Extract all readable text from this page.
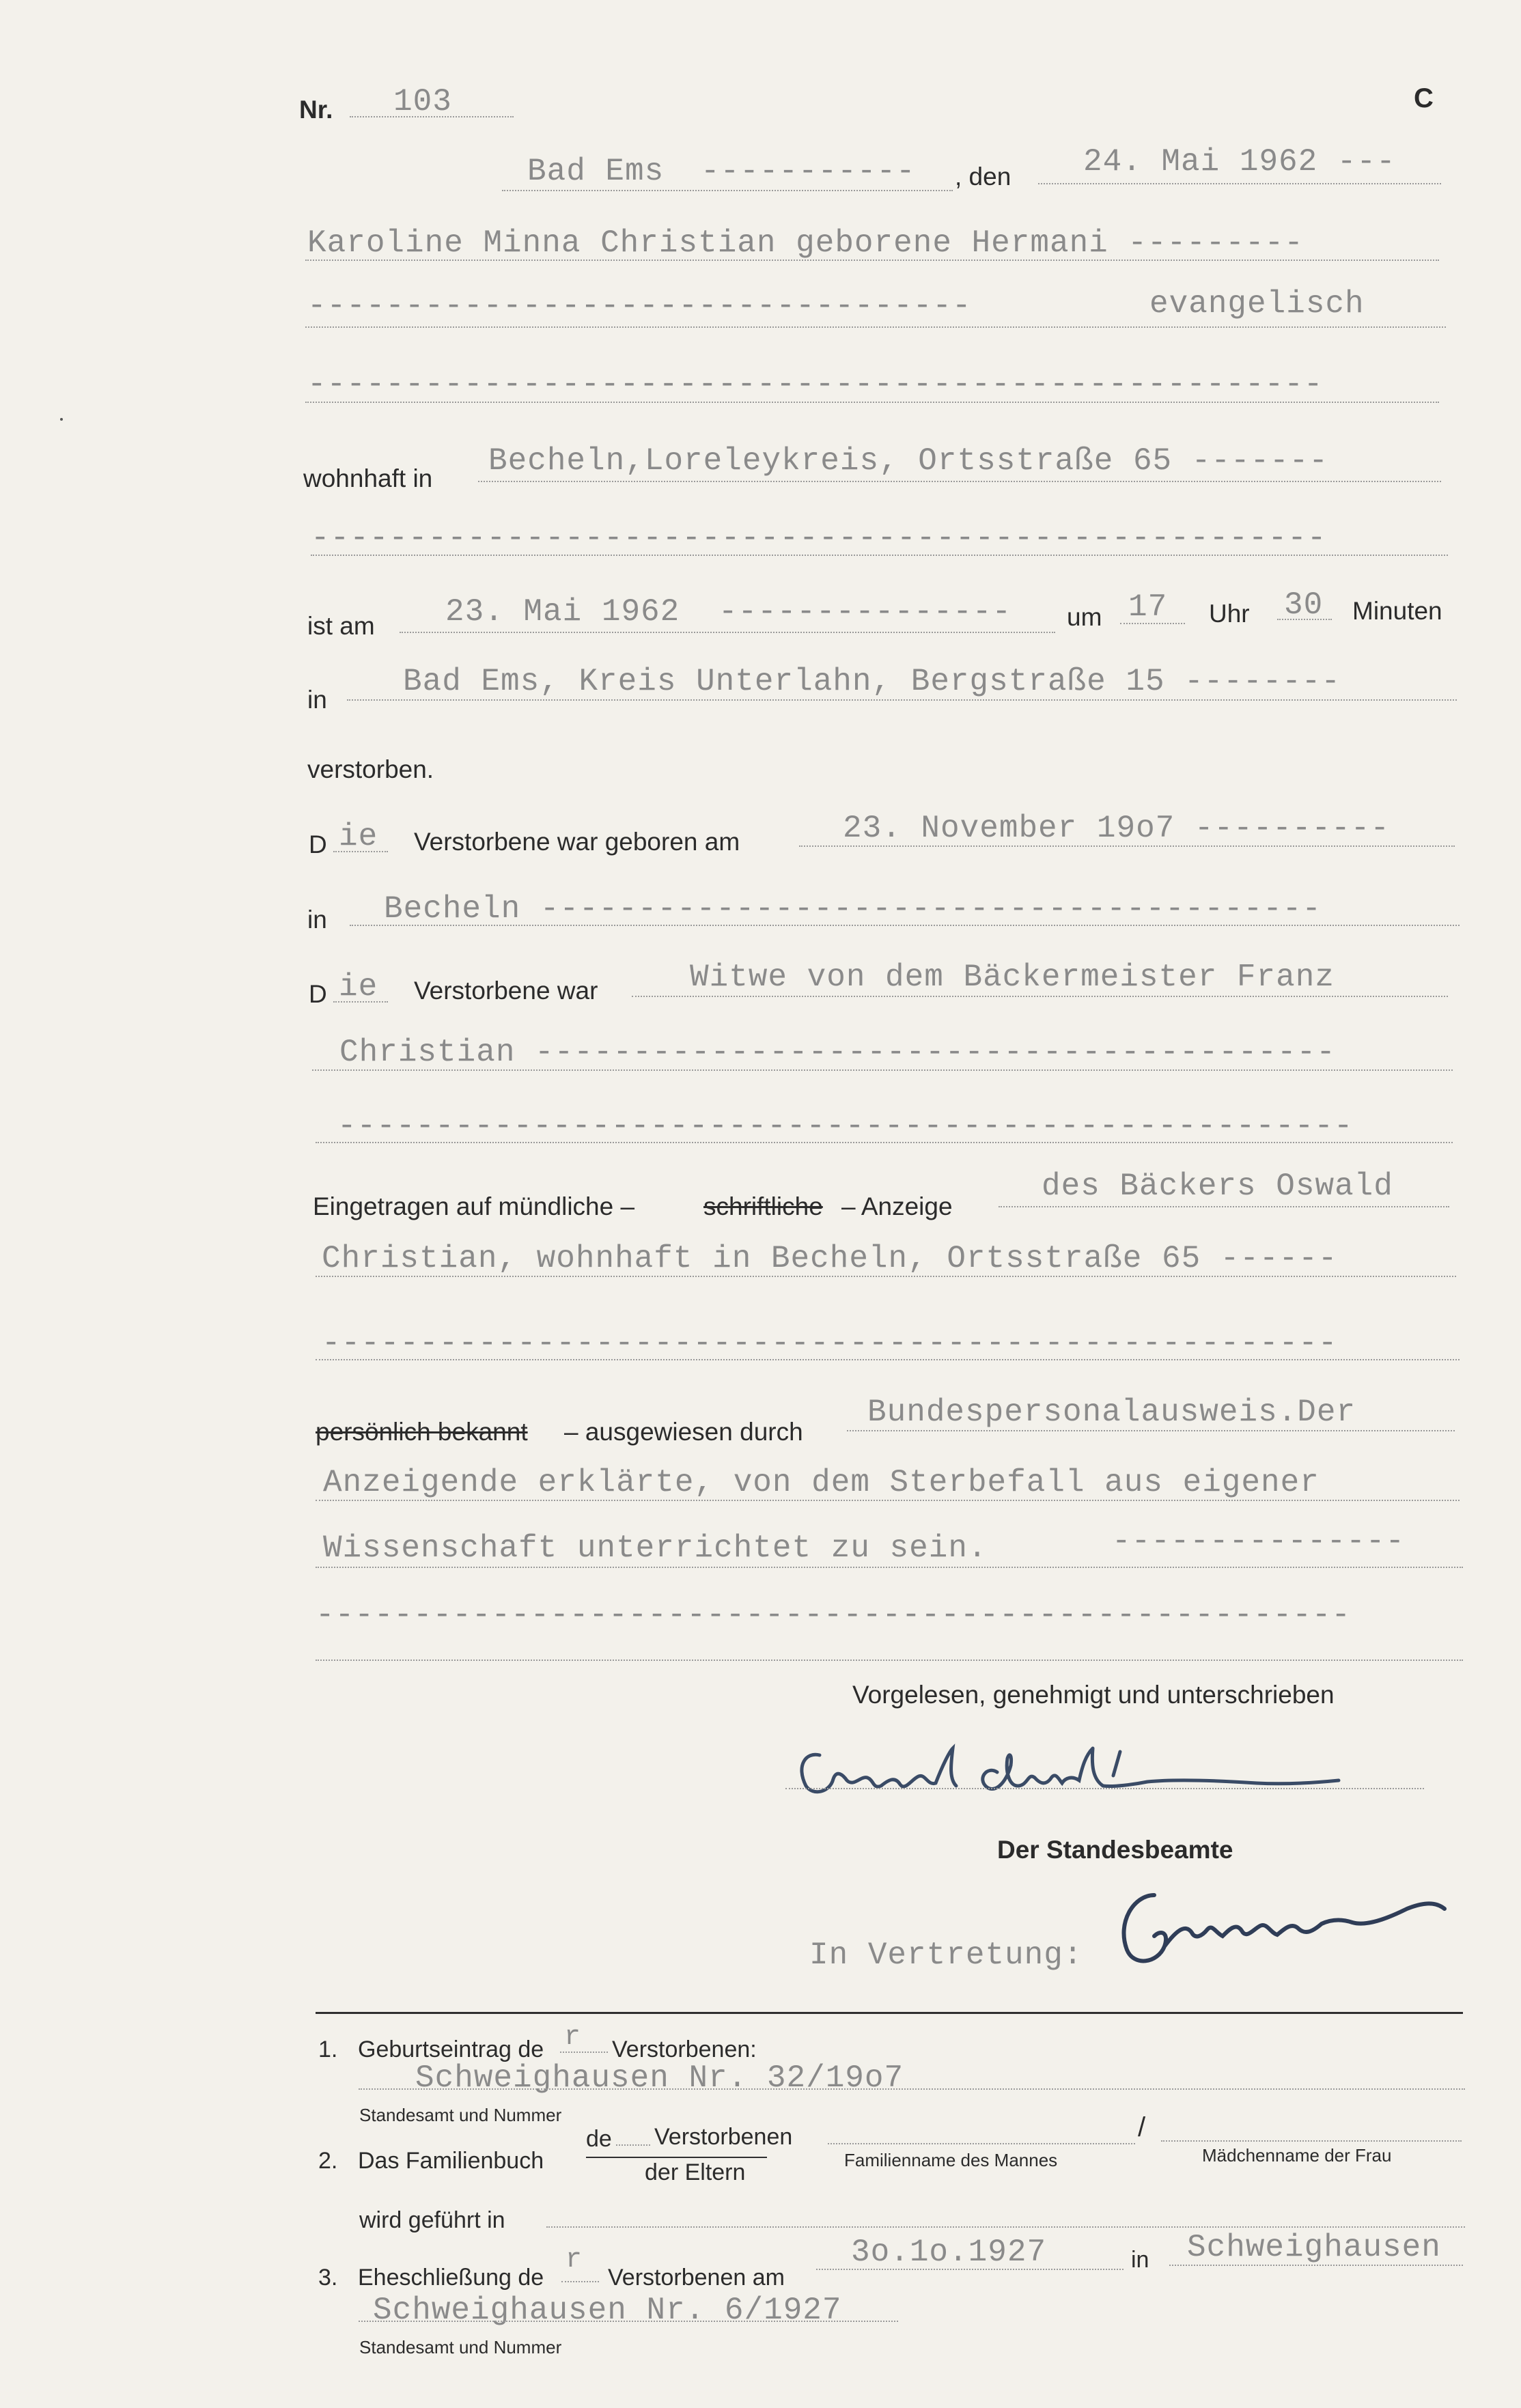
Nr. 103	C
Bad Ems ----------- , den 24. Mai 1962 ---
Karoline Minna Christian geborene Hermani ---------
----------------------------------	evangelisch
----------------------------------------------------
wohnhaft in Becheln,Loreleykreis, Ortsstraße 65 -------
----------------------------------------------------
ist am 23. Mai 1962 --------------- um 17 Uhr 30 Minuten
in
Bad Ems, Kreis Unterlahn, Bergstraße 15 --------
verstorben.
D ie Verstorbene war geboren am	23. November 19o7 ----------
in Becheln ----------------------------------------
D ie Verstorbene war	Witwe von dem Bäckermeister Franz
Christian -----------------------------------------
----------------------------------------------------
Eingetragen auf mündliche –	schriftliche – Anzeige
des Bäckers Oswald
Christian, wohnhaft in Becheln, Ortsstraße 65 ------
----------------------------------------------------
persönlich bekannt – ausgewiesen durch
Bundespersonalausweis.Der
Anzeigende erklärte, von dem Sterbefall aus eigener
Wissenschaft unterrichtet zu sein.	---------------
-----------------------------------------------------
Vorgelesen, genehmigt und unterschrieben
Der Standesbeamte
In Vertretung:
1. Geburtseintrag de r Verstorbenen:
Schweighausen Nr. 32/19o7
Standesamt und Nummer
2. Das Familienbuch
de Verstorbenen
der Eltern
/
Familienname des Mannes	Mädchenname der Frau
wird geführt in
3. Eheschließung de
r
Verstorbenen am
3o.1o.1927	in Schweighausen
Schweighausen Nr. 6/1927
Standesamt und Nummer
